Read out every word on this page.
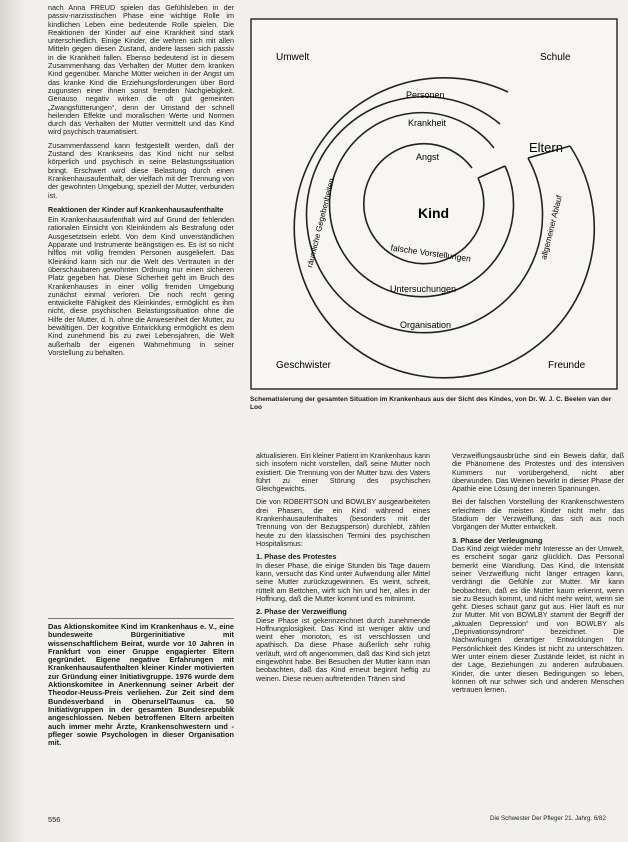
nach Anna FREUD spielen das Gefühlsleben in der passiv-narzisstischen Phase eine wichtige Rolle im kindlichen Leben eine bedeutende Rolle spielen. Die Reaktionen der Kinder auf eine Krankheit sind stark unterschiedlich. Einige Kinder, die wehren sich mit allen Mitteln gegen diesen Zustand, andere lassen sich passiv in die Krankheit fallen. Ebenso bedeutend ist in diesem Zusammenhang das Verhalten der Mutter dem kranken Kind gegenüber. Manche Mütter weichen in der Angst um das kranke Kind die Erziehungsforderungen über Bord zugunsten einer ihnen sonst fremden Nachgiebigkeit. Genauso negativ wirken die oft gut gemeinten „Zwangsfütterungen“, denn der Umstand der schnell heilenden Effekte und moralischen Werte und Normen durch das Verhalten der Mutter vermittelt und das Kind wird psychisch traumatisiert.

Zusammenfassend kann festgestellt werden, daß der Zustand des Krankseins das Kind nicht nur selbst körperlich und psychisch in seine Belastungssituation bringt. Erschwert wird diese Belastung durch einen Krankenhausaufenthalt, der vielfach mit der Trennung von der gewohnten Umgebung, speziell der Mutter, verbunden ist.

Reaktionen der Kinder auf Krankenhausaufenthalte

Ein Krankenhausaufenthalt wird auf Grund der fehlenden rationalen Einsicht von Kleinkindern als Bestrafung oder Ausgesetztsein erlebt. Von dem Kind unverständlichen Apparate und Instrumente beängstigen es. Es ist so nicht hilflos mit völlig fremden Personen ausgeliefert. Das Kleinkind kann sich nur die Welt des Vertrauten in der überschaubaren gewohnten Ordnung nur einen sicheren Platz gegeben hat. Diese Sicherheit geht im Bruch des Krankenhauses in einer völlig fremden Umgebung zunächst einmal verloren. Die noch recht gering entwickelte Fähigkeit des Kleinkindes, ermöglicht es ihm nicht, diese psychischen Belastungssituation ohne die Hilfe der Mutter, d. h. ohne die Anwesenheit der Mutter, zu bewältigen. Der kognitive Entwicklung ermöglicht es dem Kind zunehmend bis zu zwei Lebensjahren, die Welt außerhalb der eigenen Wahrnehmung in seiner Vorstellung zu behalten.

Das Aktionskomitee Kind im Krankenhaus e. V., eine bundesweite Bürgerinitiative mit wissenschaftlichem Beirat, wurde vor 10 Jahren in Frankfurt von einer Gruppe engagierter Eltern gegründet. Eigene negative Erfahrungen mit Krankenhausaufenthalten kleiner Kinder motivierten zur Gründung einer Initiativgruppe. 1976 wurde dem Aktionskomitee in Anerkennung seiner Arbeit der Theodor-Heuss-Preis verliehen. Zur Zeit sind dem Bundesverband in Oberursel/Taunus ca. 50 Initiativgruppen in der gesamten Bundesrepublik angeschlossen. Neben betroffenen Eltern arbeiten auch immer mehr Ärzte, Krankenschwestern und -pfleger sowie Psychologen in dieser Organisation mit.
Umwelt	Schule
Geschwister	Freunde
Eltern
Personen
Krankheit
Angst
Kind
falsche Vorstellungen
Untersuchungen
Organisation
räumliche Gegebenheiten	allgemeiner Ablauf
Schematisierung der gesamten Situation im Krankenhaus aus der Sicht des Kindes, von Dr. W. J. C. Beelen van der Loo

aktualisieren. Ein kleiner Patient im Krankenhaus kann sich insofern nicht vorstellen, daß seine Mutter noch existiert. Die Trennung von der Mutter bzw. des Vaters führt zu einer Störung des psychischen Gleichgewichts.

Die von ROBERTSON und BOWLBY ausgearbeiteten drei Phasen, die ein Kind während eines Krankenhausaufenthaltes (besonders mit der Trennung von der Bezugsperson) durchlebt, zählen heute zu den klassischen Termini des psychischen Hospitalismus:

1. Phase des Protestes

In dieser Phase, die einige Stunden bis Tage dauern kann, versucht das Kind unter Aufwendung aller Mittel seine Mutter zurückzugewinnen. Es weint, schreit, rüttelt am Bettchen, wirft sich hin und her, alles in der Hoffnung, daß die Mutter kommt und es mitnimmt.

2. Phase der Verzweiflung

Diese Phase ist gekennzeichnet durch zunehmende Hoffnungslosigkeit. Das Kind ist weniger aktiv und weint eher monoton, es ist verschlossen und apathisch. Da diese Phase äußerlich sehr ruhig verläuft, wird oft angenommen, daß das Kind sich jetzt eingewöhnt habe. Bei Besuchen der Mutter kann man beobachten, daß das Kind erneut beginnt heftig zu weinen. Diese neuen auftretenden Tränen sind

Verzweiflungsausbrüche sind ein Beweis dafür, daß die Phänomene des Protestes und des intensiven Kummers nur vorübergehend, nicht aber überwunden. Das Weinen bewirkt in dieser Phase der Apathie eine Lösung der inneren Spannungen.

Bei der falschen Vorstellung der Krankenschwestern erleichtern die meisten Kinder nicht mehr das Stadium der Verzweiflung, das sich aus noch Vorgängen der Mutter entwickelt.

3. Phase der Verleugnung

Das Kind zeigt wieder mehr Interesse an der Umwelt, es erscheint sogar ganz glücklich. Das Personal bemerkt eine Wandlung. Das Kind, die Intensität seiner Verzweiflung nicht länger ertragen kann, verdrängt die Gefühle zur Mutter. Mir kann beobachten, daß es die Mutter kaum erkennt, wenn sie zu Besuch kommt, und nicht mehr weint, wenn sie geht. Dieses schaut ganz gut aus. Hier läuft es nur zur Mutter. Mit von BOWLBY stammt der Begriff der „aktualen Depression“ und von BOWLBY als „Deprivationssyndrom“ bezeichnet. Die Nachwirkungen derartiger Entwicklungen für Persönlichkeit des Kindes ist nicht zu unterschätzen. Wer unter einem dieser Zustände leidet, ist nicht in der Lage, Beziehungen zu anderen aufzubauen. Kinder, die unter diesen Bedingungen so leben, können oft nur schwer sich und anderen Menschen vertrauen lernen.

556	Die Schwester Der Pfleger 21. Jahrg. 6/82
